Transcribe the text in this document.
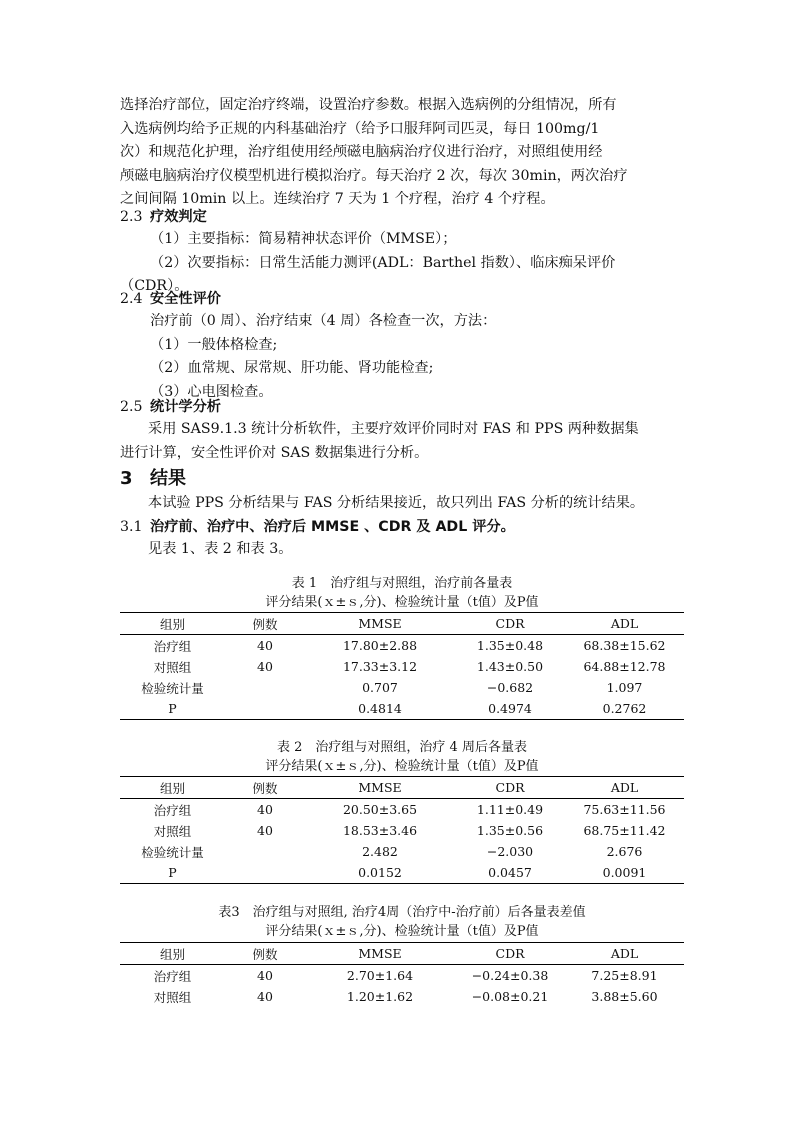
选择治疗部位，固定治疗终端，设置治疗参数。根据入选病例的分组情况，所有

入选病例均给予正规的内科基础治疗（给予口服拜阿司匹灵，每日 100mg/1

次）和规范化护理，治疗组使用经颅磁电脑病治疗仪进行治疗，对照组使用经

颅磁电脑病治疗仪模型机进行模拟治疗。每天治疗 2 次，每次 30min，两次治疗

之间间隔 10min 以上。连续治疗 7 天为 1 个疗程，治疗 4 个疗程。

2.3 疗效判定
（1）主要指标：简易精神状态评价（MMSE）；
（2）次要指标：日常生活能力测评(ADL：Barthel 指数）、临床痴呆评价

（CDR）。

2.4 安全性评价
治疗前（0 周）、治疗结束（4 周）各检查一次，方法：
（1）一般体格检查;
（2）血常规、尿常规、肝功能、肾功能检查;
（3）心电图检查。
2.5 统计学分析

采用 SAS9.1.3 统计分析软件，主要疗效评价同时对 FAS 和 PPS 两种数据集

进行计算，安全性评价对 SAS 数据集进行分析。

3 结果

本试验 PPS 分析结果与 FAS 分析结果接近，故只列出 FAS 分析的统计结果。

3.1 治疗前、治疗中、治疗后 MMSE 、CDR 及 ADL 评分。

见表 1、表 2 和表 3。

表 1　治疗组与对照组，治疗前各量表
评分结果(ｘ±ｓ,分)、检验统计量（t值）及P值
组别	例数	MMSE	CDR	ADL
治疗组	40	17.80±2.88	1.35±0.48	68.38±15.62
对照组	40	17.33±3.12	1.43±0.50	64.88±12.78
检验统计量		0.707	−0.682	1.097
P		0.4814	0.4974	0.2762
表 2　治疗组与对照组，治疗 4 周后各量表
评分结果(ｘ±ｓ,分)、检验统计量（t值）及P值
组别	例数	MMSE	CDR	ADL
治疗组	40	20.50±3.65	1.11±0.49	75.63±11.56
对照组	40	18.53±3.46	1.35±0.56	68.75±11.42
检验统计量		2.482	−2.030	2.676
P		0.0152	0.0457	0.0091
表3　治疗组与对照组, 治疗4周（治疗中-治疗前）后各量表差值
评分结果(ｘ±ｓ,分)、检验统计量（t值）及P值
组别	例数	MMSE	CDR	ADL
治疗组	40	2.70±1.64	−0.24±0.38	7.25±8.91
对照组	40	1.20±1.62	−0.08±0.21	3.88±5.60
